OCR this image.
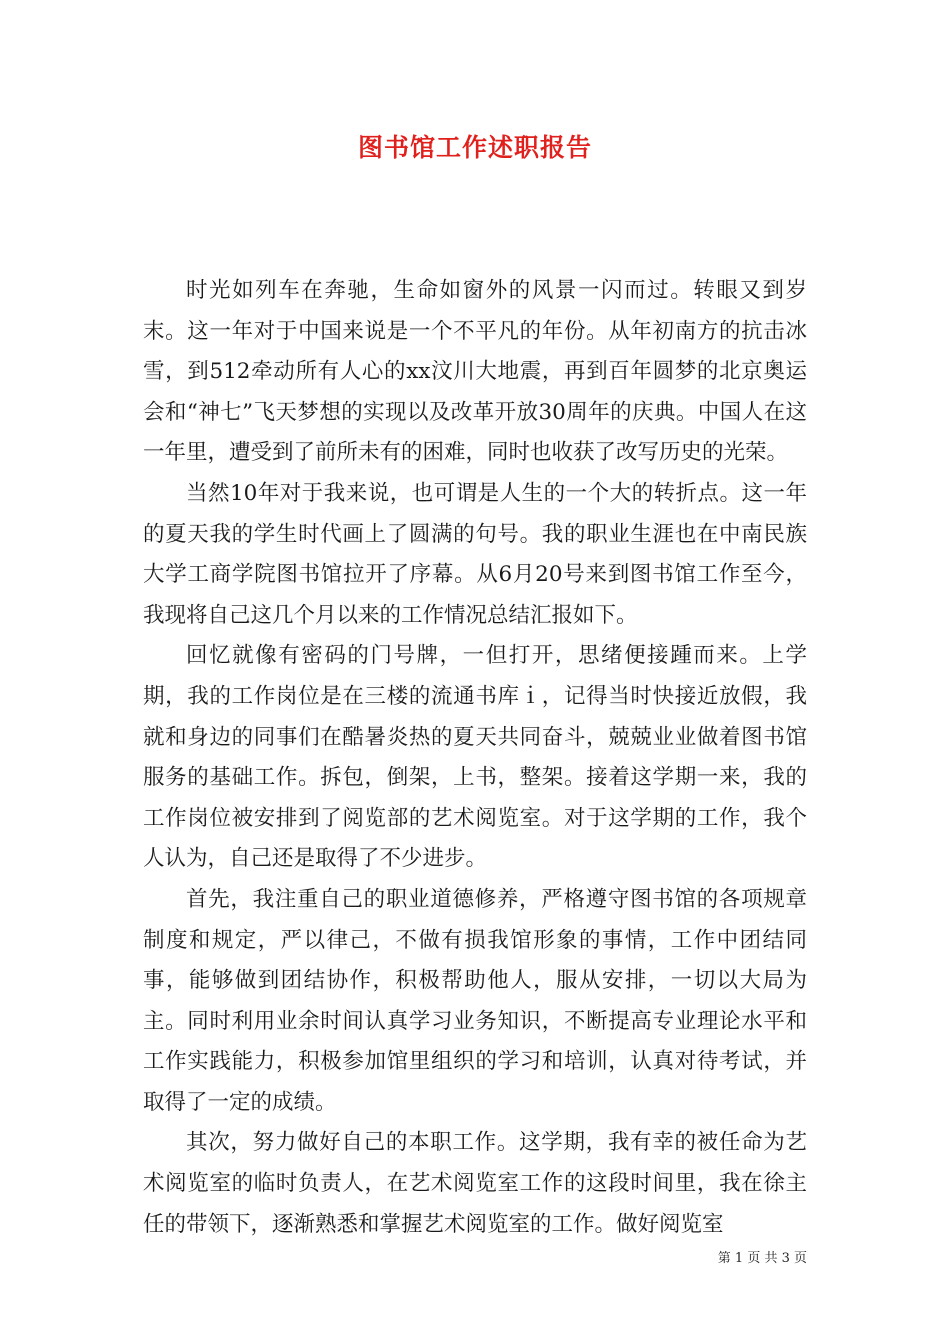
图书馆工作述职报告

时光如列车在奔驰，生命如窗外的风景一闪而过。转眼又到岁末。这一年对于中国来说是一个不平凡的年份。从年初南方的抗击冰雪，到512牵动所有人心的xx汶川大地震，再到百年圆梦的北京奥运会和“神七”飞天梦想的实现以及改革开放30周年的庆典。中国人在这一年里，遭受到了前所未有的困难，同时也收获了改写历史的光荣。

当然10年对于我来说，也可谓是人生的一个大的转折点。这一年的夏天我的学生时代画上了圆满的句号。我的职业生涯也在中南民族大学工商学院图书馆拉开了序幕。从6月20号来到图书馆工作至今，我现将自己这几个月以来的工作情况总结汇报如下。

回忆就像有密码的门号牌，一但打开，思绪便接踵而来。上学期，我的工作岗位是在三楼的流通书库ｉ，记得当时快接近放假，我就和身边的同事们在酷暑炎热的夏天共同奋斗，兢兢业业做着图书馆服务的基础工作。拆包，倒架，上书，整架。接着这学期一来，我的工作岗位被安排到了阅览部的艺术阅览室。对于这学期的工作，我个人认为，自己还是取得了不少进步。

首先，我注重自己的职业道德修养，严格遵守图书馆的各项规章制度和规定，严以律己，不做有损我馆形象的事情，工作中团结同事，能够做到团结协作，积极帮助他人，服从安排，一切以大局为主。同时利用业余时间认真学习业务知识，不断提高专业理论水平和工作实践能力，积极参加馆里组织的学习和培训，认真对待考试，并取得了一定的成绩。

其次，努力做好自己的本职工作。这学期，我有幸的被任命为艺术阅览室的临时负责人，在艺术阅览室工作的这段时间里，我在徐主任的带领下，逐渐熟悉和掌握艺术阅览室的工作。做好阅览室

第 1 页 共 3 页
